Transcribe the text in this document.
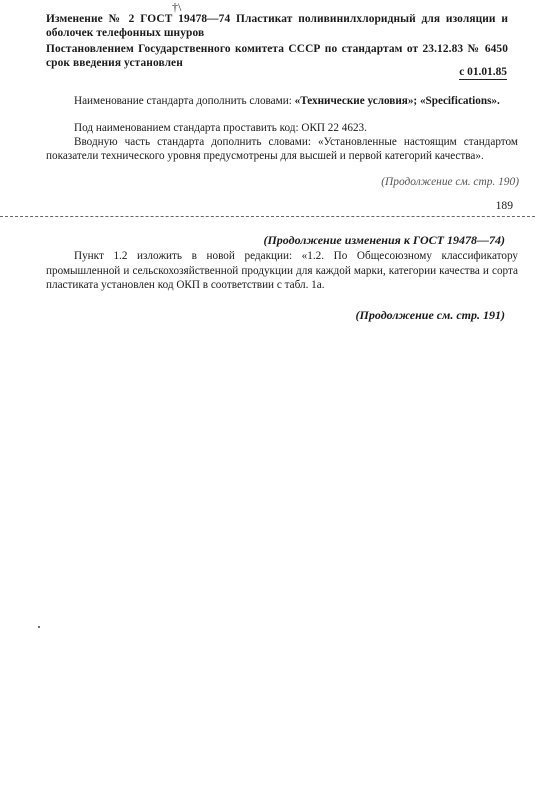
†\
Изменение № 2 ГОСТ 19478—74 Пластикат поливинилхлоридный для изоляции и оболочек телефонных шнуров
Постановлением Государственного комитета СССР по стандартам от 23.12.83 № 6450 срок введения установлен
с 01.01.85
Наименование стандарта дополнить словами: «Технические условия»; «Specifications».
Под наименованием стандарта проставить код: ОКП 22 4623.
Вводную часть стандарта дополнить словами: «Установленные настоящим стандартом показатели технического уровня предусмотрены для высшей и первой категорий качества».
(Продолжение см. стр. 190)
189
(Продолжение изменения к ГОСТ 19478—74)
Пункт 1.2 изложить в новой редакции: «1.2. По Общесоюзному классификатору промышленной и сельскохозяйственной продукции для каждой марки, категории качества и сорта пластиката установлен код ОКП в соответствии с табл. 1а.
(Продолжение см. стр. 191)
